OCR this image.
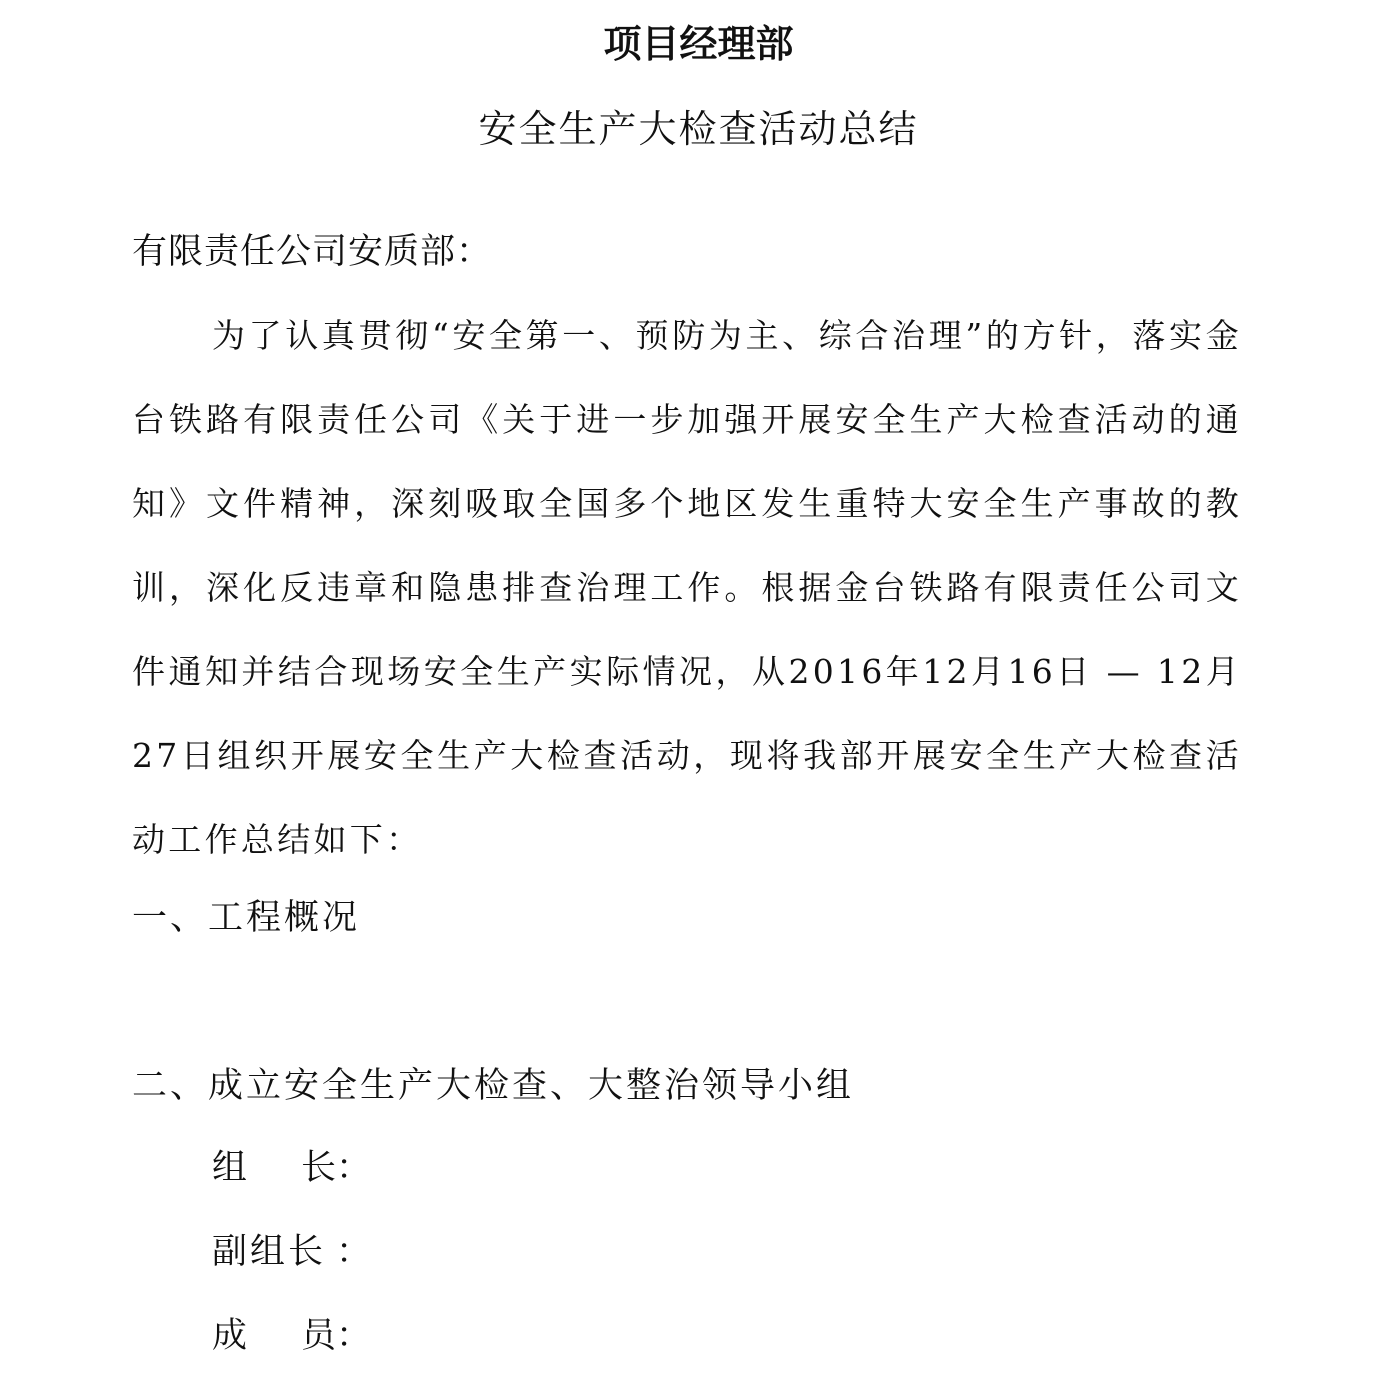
项目经理部
安全生产大检查活动总结
有限责任公司安质部：
为了认真贯彻“安全第一、预防为主、综合治理”的方针，落实金台铁路有限责任公司《关于进一步加强开展安全生产大检查活动的通知》文件精神，深刻吸取全国多个地区发生重特大安全生产事故的教训，深化反违章和隐患排查治理工作。根据金台铁路有限责任公司文件通知并结合现场安全生产实际情况，从2016年12月16日 — 12月27日组织开展安全生产大检查活动，现将我部开展安全生产大检查活动工作总结如下：
一、工程概况
二、成立安全生产大检查、大整治领导小组
组　长：
副组长 ：
成　员：
